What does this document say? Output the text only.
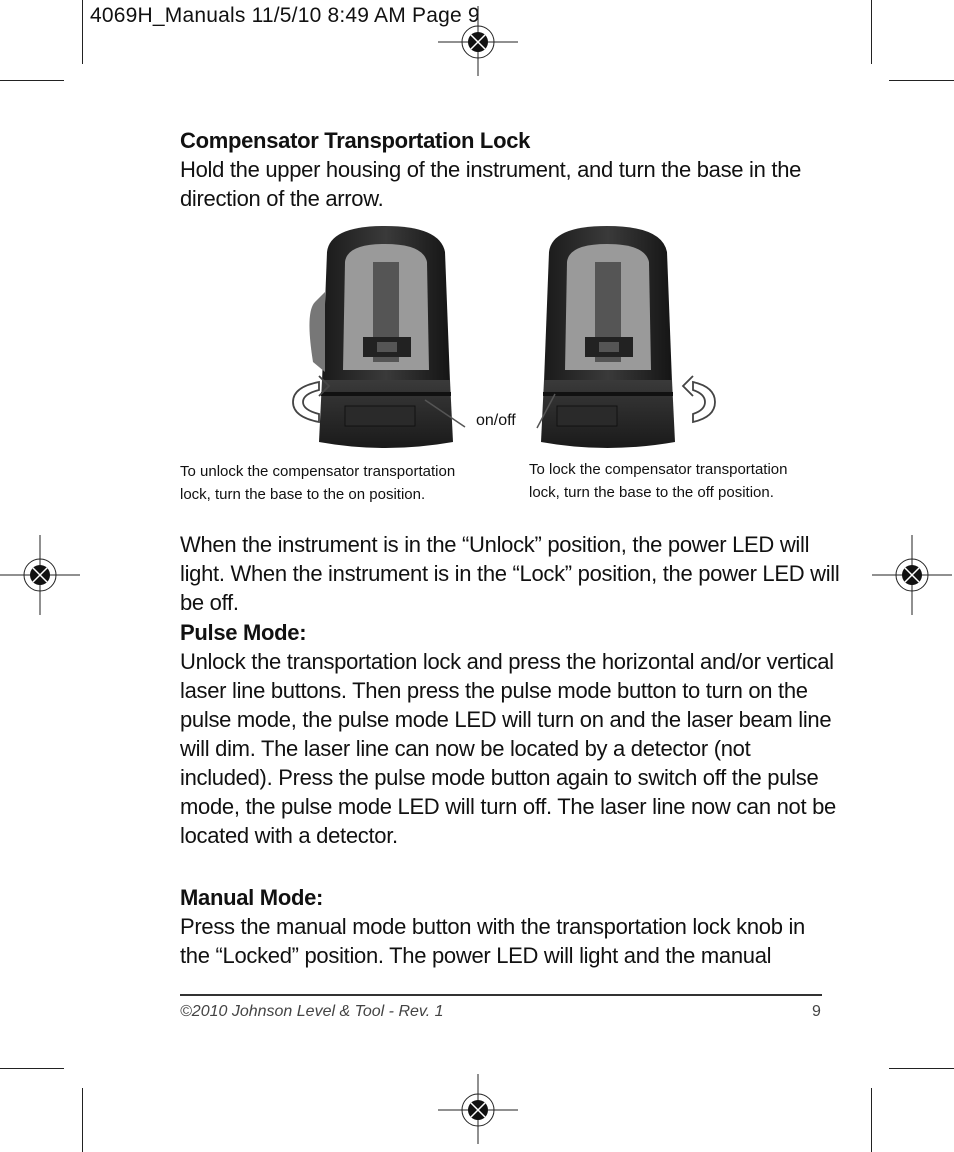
4069H_Manuals 11/5/10 8:49 AM Page 9

Compensator Transportation Lock

Hold the upper housing of the instrument, and turn the base in the direction of the arrow.

on/off
To unlock the compensator transportation lock, turn the base to the on position.
To lock the compensator transportation lock, turn the base to the off position.

When the instrument is in the “Unlock” position, the power LED will light. When the instrument is in the “Lock” position, the power LED will be off.

Pulse Mode:

Unlock the transportation lock and press the horizontal and/or vertical laser line buttons. Then press the pulse mode button to turn on the pulse mode, the pulse mode LED will turn on and the laser beam line will dim. The laser line can now be located by a detector (not included). Press the pulse mode button again to switch off the pulse mode, the pulse mode LED will turn off. The laser line now can not be located with a detector.

Manual Mode:

Press the manual mode button with the transportation lock knob in the “Locked” position. The power LED will light and the manual

©2010 Johnson Level & Tool - Rev. 1	9
